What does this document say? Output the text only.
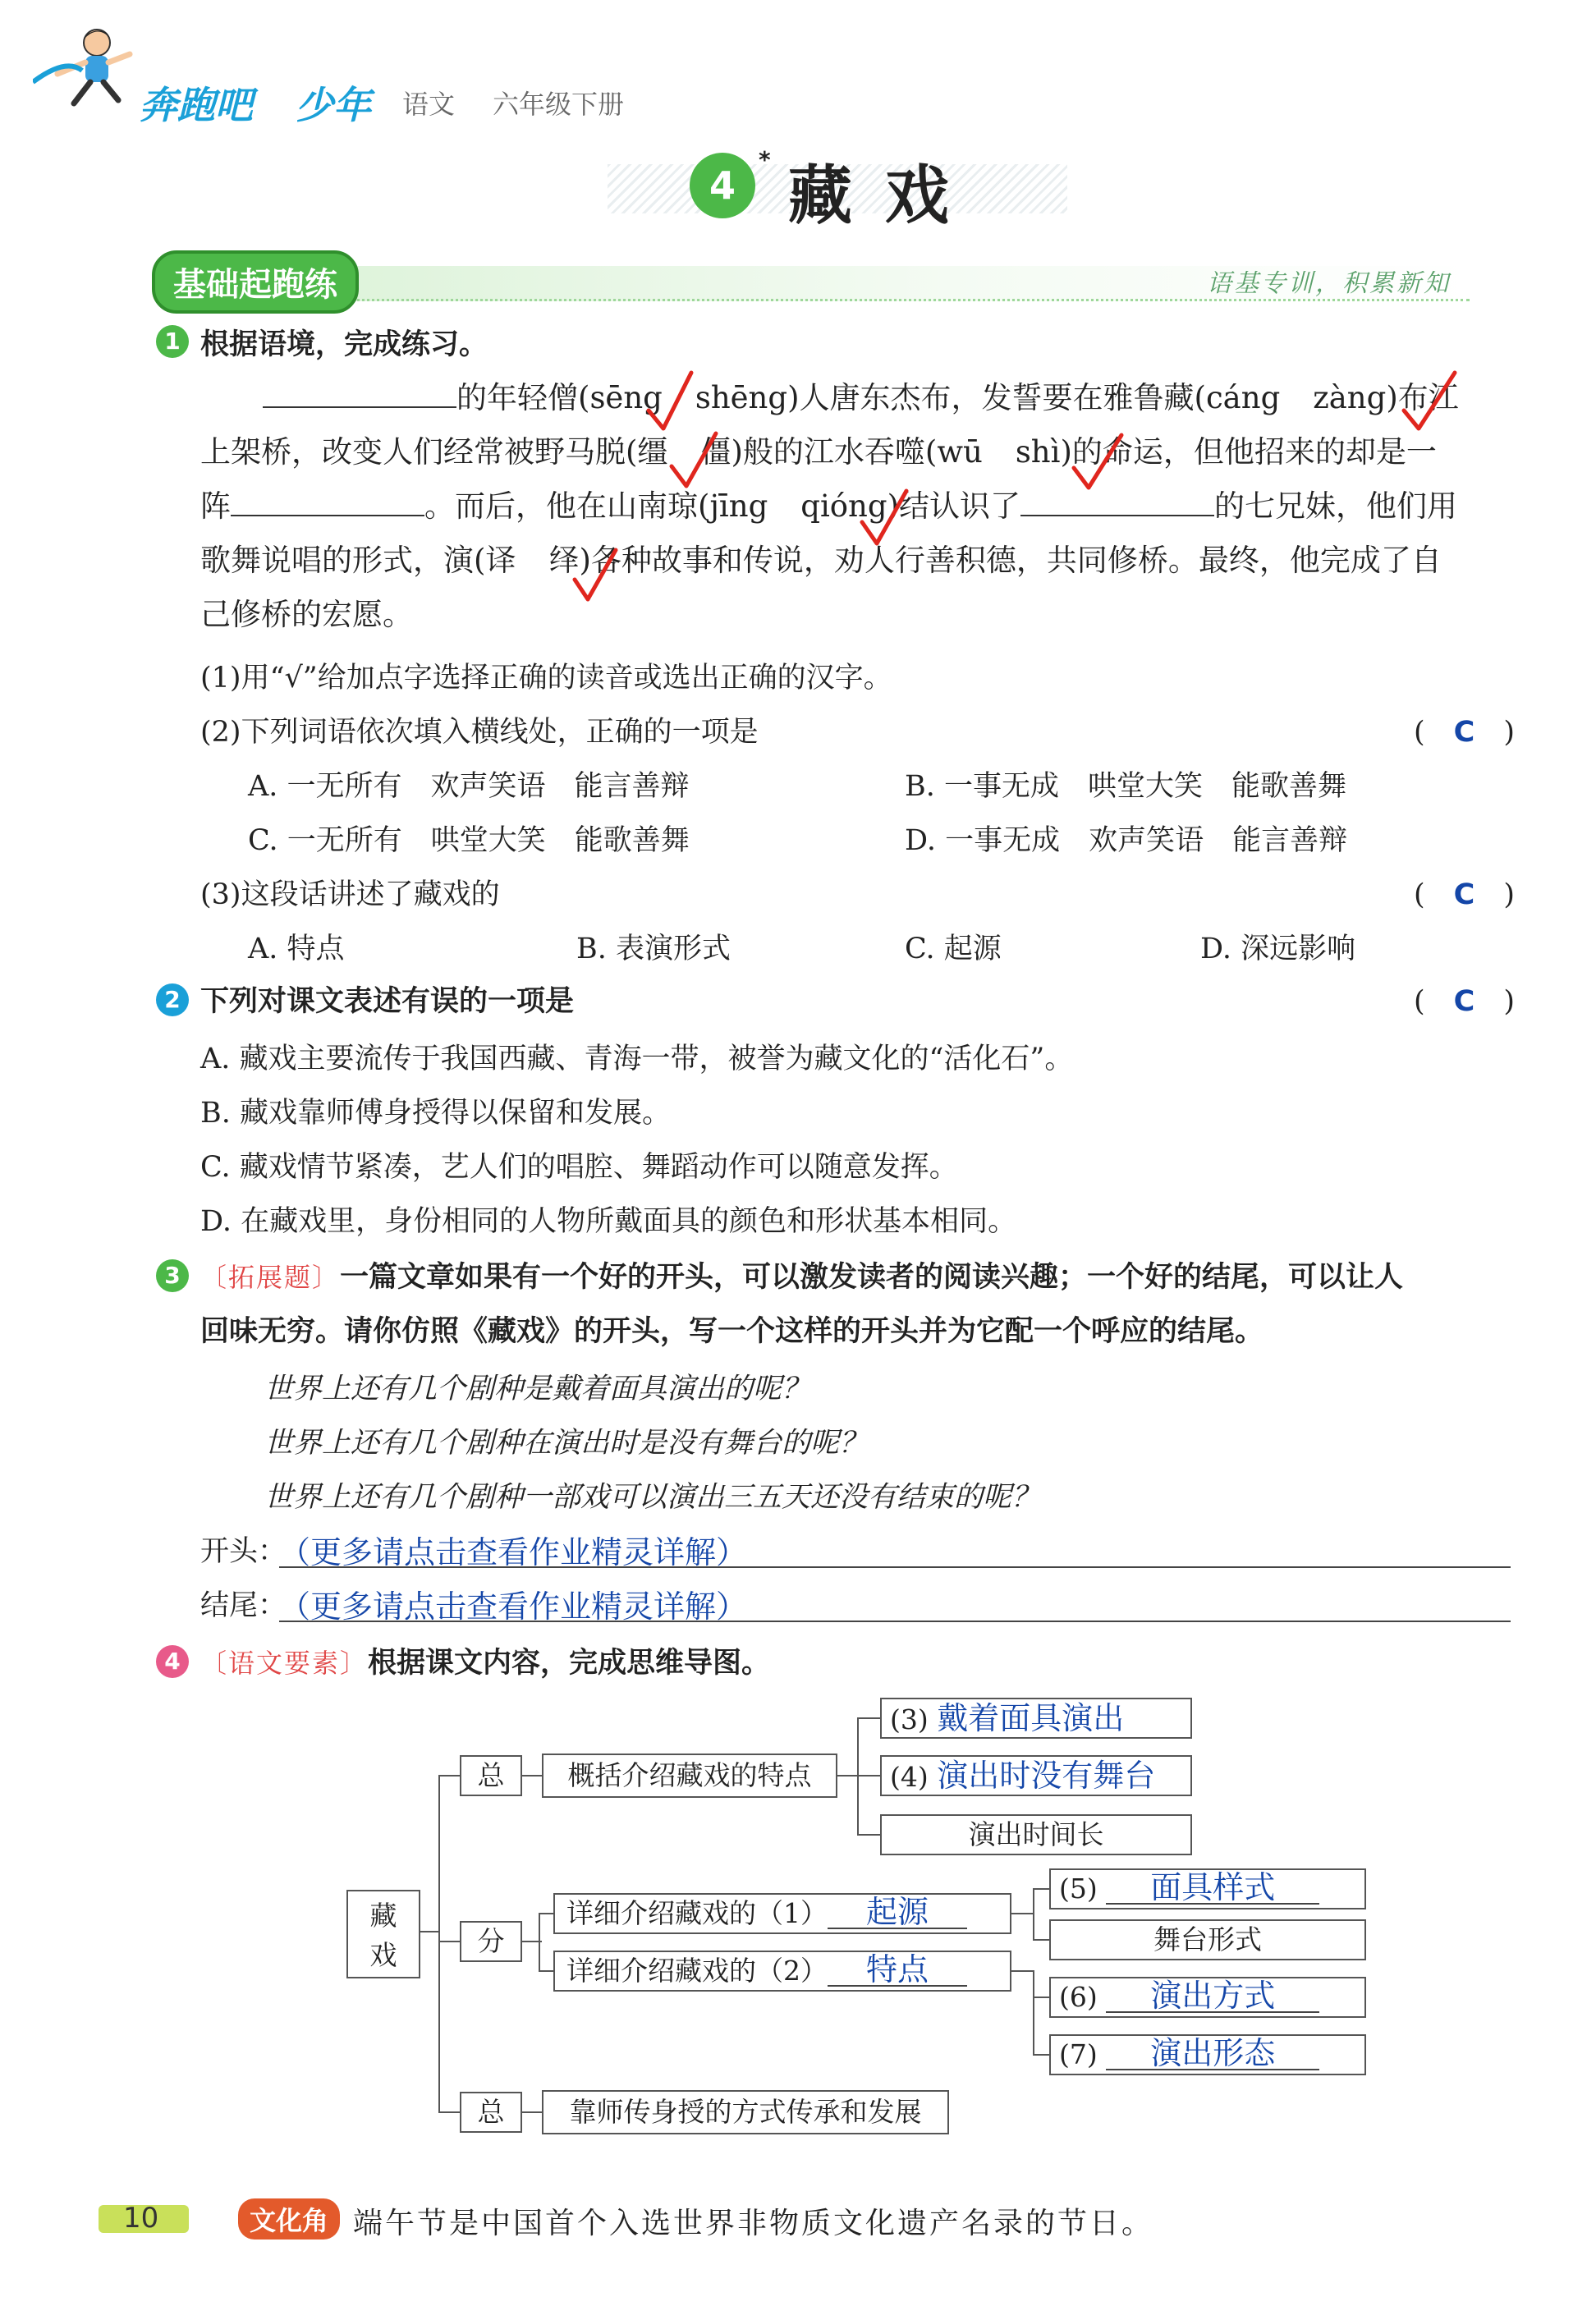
奔跑吧 少年 语文 六年级下册
4
* 藏戏
基础起跑练	语基专训，积累新知
1 根据语境，完成练习。
的年轻僧(sēng shēng)人唐东杰布，发誓要在雅鲁藏(cáng zàng)布江
上架桥，改变人们经常被野马脱(缰 僵)般的江水吞噬(wū shì)的命运，但他招来的却是一
阵	。而后，他在山南琼(jīng qióng)结认识了	的七兄妹，他们用
歌舞说唱的形式，演(译 绎)各种故事和传说，劝人行善积德，共同修桥。最终，他完成了自
己修桥的宏愿。
(1)用“√”给加点字选择正确的读音或选出正确的汉字。
(2)下列词语依次填入横线处，正确的一项是	(　C　)
A. 一无所有　欢声笑语　能言善辩	B. 一事无成　哄堂大笑　能歌善舞
C. 一无所有　哄堂大笑　能歌善舞	D. 一事无成　欢声笑语　能言善辩
(3)这段话讲述了藏戏的	(　C　)
A. 特点	B. 表演形式	C. 起源	D. 深远影响
2 下列对课文表述有误的一项是	(　C　)
A. 藏戏主要流传于我国西藏、青海一带，被誉为藏文化的“活化石”。
B. 藏戏靠师傅身授得以保留和发展。
C. 藏戏情节紧凑，艺人们的唱腔、舞蹈动作可以随意发挥。
D. 在藏戏里，身份相同的人物所戴面具的颜色和形状基本相同。
3 〔拓展题〕一篇文章如果有一个好的开头，可以激发读者的阅读兴趣；一个好的结尾，可以让人
回味无穷。请你仿照《藏戏》的开头，写一个这样的开头并为它配一个呼应的结尾。
世界上还有几个剧种是戴着面具演出的呢？
世界上还有几个剧种在演出时是没有舞台的呢？
世界上还有几个剧种一部戏可以演出三五天还没有结束的呢？
开头：
（更多请点击查看作业精灵详解）
结尾：
（更多请点击查看作业精灵详解）
4 〔语文要素〕根据课文内容，完成思维导图。
藏
戏
总
分
总
概括介绍藏戏的特点
详细介绍藏戏的（1） 起源
详细介绍藏戏的（2） 特点
靠师传身授的方式传承和发展
(3) 戴着面具演出
(4) 演出时没有舞台
演出时间长
(5) 面具样式
舞台形式
(6) 演出方式
(7) 演出形态
10	文化角 端午节是中国首个入选世界非物质文化遗产名录的节日。
